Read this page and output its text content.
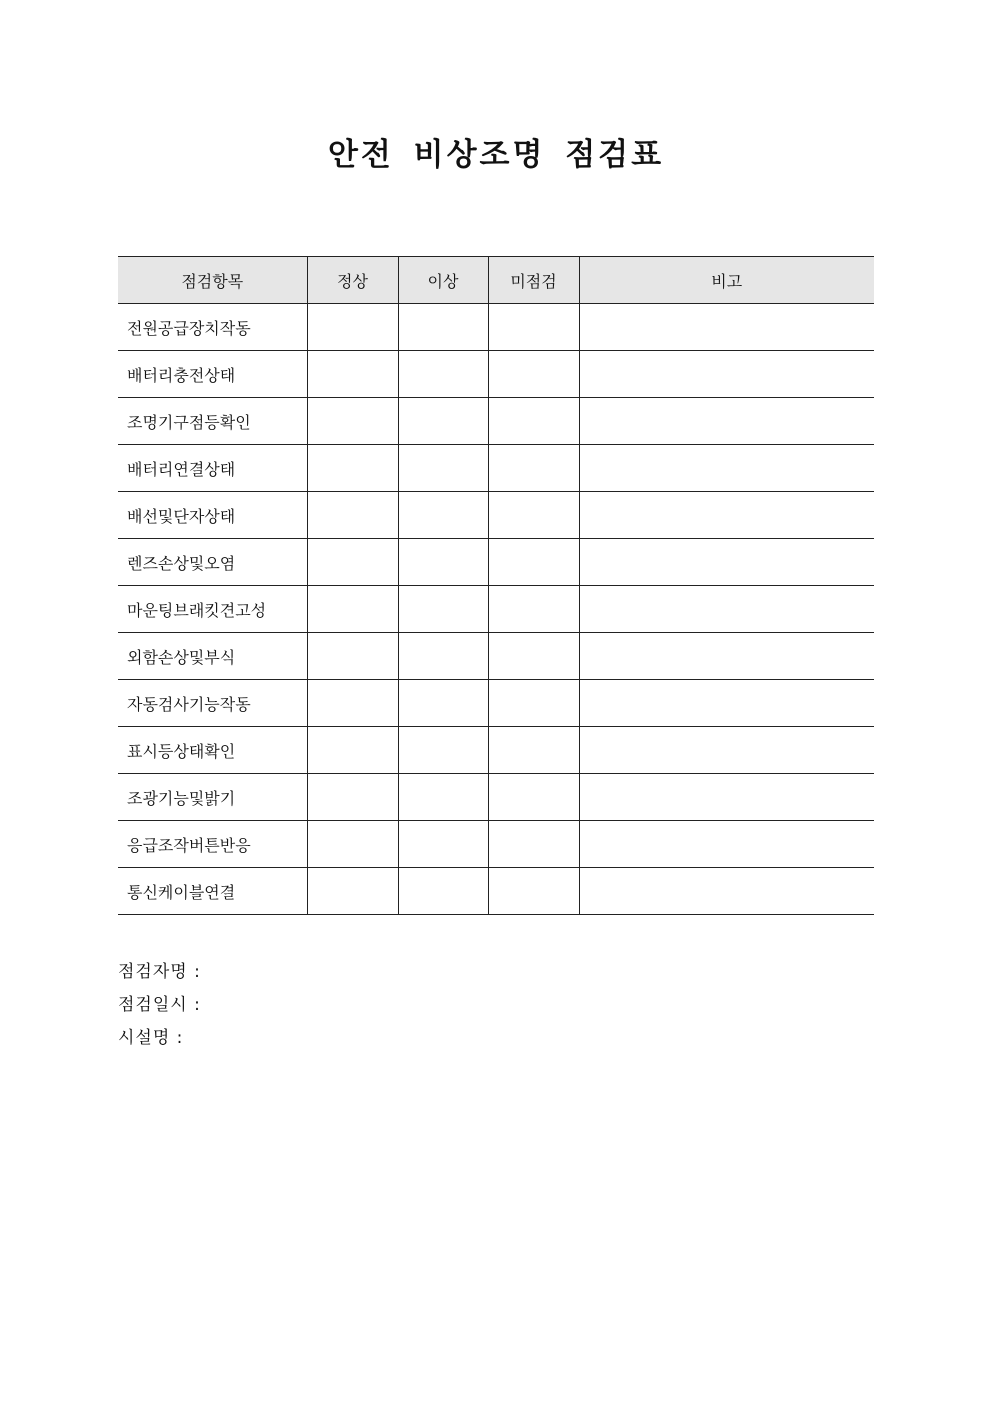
안전 비상조명 점검표
점검항목	정상	이상	미점검	비고
전원공급장치작동				
배터리충전상태				
조명기구점등확인				
배터리연결상태				
배선및단자상태				
렌즈손상및오염				
마운팅브래킷견고성				
외함손상및부식				
자동검사기능작동				
표시등상태확인				
조광기능및밝기				
응급조작버튼반응				
통신케이블연결				
점검자명 :
점검일시 :
시설명 :
